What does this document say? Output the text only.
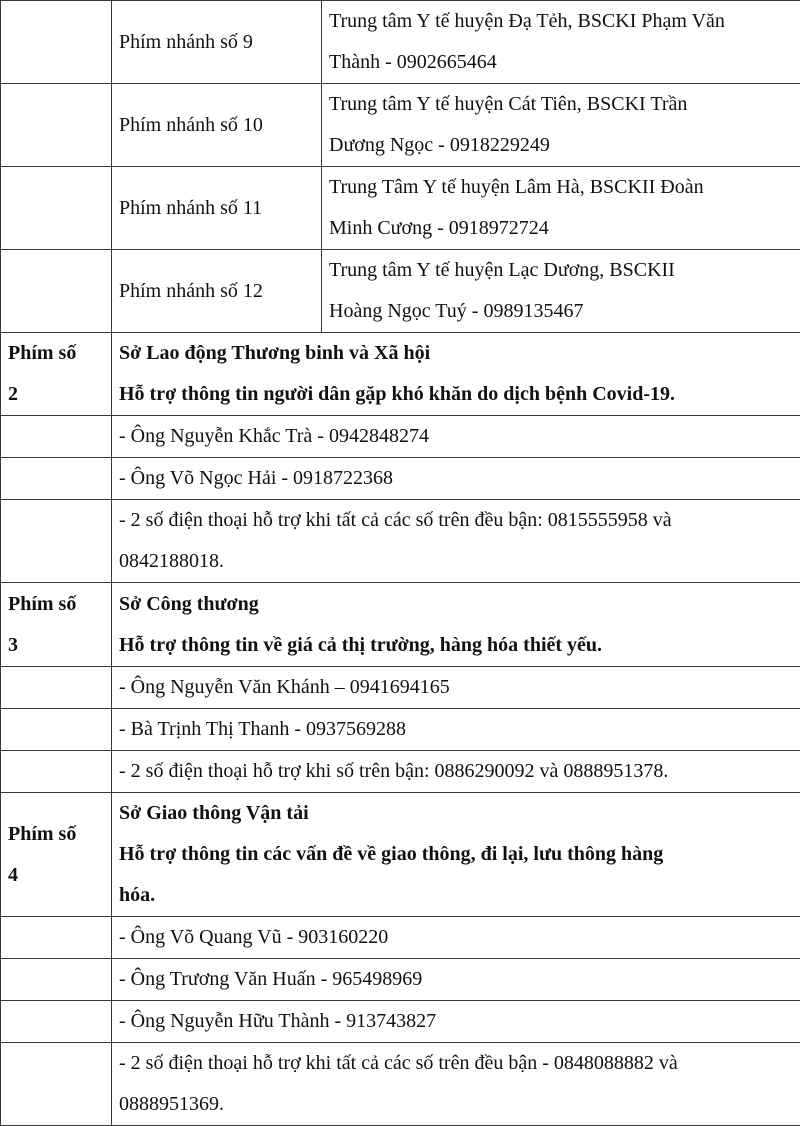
	Phím nhánh số 9	Trung tâm Y tế huyện Đạ Tẻh, BSCKI Phạm Văn
Thành - 0902665464

	Phím nhánh số 10	Trung tâm Y tế huyện Cát Tiên, BSCKI Trần
Dương Ngọc - 0918229249

	Phím nhánh số 11	Trung Tâm Y tế huyện Lâm Hà, BSCKII Đoàn
Minh Cương - 0918972724

	Phím nhánh số 12	Trung tâm Y tế huyện Lạc Dương, BSCKII
Hoàng Ngọc Tuý - 0989135467

Phím số
2	Sở Lao động Thương binh và Xã hội
Hỗ trợ thông tin người dân gặp khó khăn do dịch bệnh Covid-19.	

	- Ông Nguyễn Khắc Trà - 0942848274	
	- Ông Võ Ngọc Hải - 0918722368	

	- 2 số điện thoại hỗ trợ khi tất cả các số trên đều bận: 0815555958 và
0842188018.	

Phím số
3	Sở Công thương
Hỗ trợ thông tin về giá cả thị trường, hàng hóa thiết yếu.	

	- Ông Nguyễn Văn Khánh – 0941694165	
	- Bà Trịnh Thị Thanh - 0937569288	
	- 2 số điện thoại hỗ trợ khi số trên bận: 0886290092 và 0888951378.	

Phím số
4	Sở Giao thông Vận tải
Hỗ trợ thông tin các vấn đề về giao thông, đi lại, lưu thông hàng
hóa.	

	- Ông Võ Quang Vũ - 903160220	
	- Ông Trương Văn Huấn - 965498969	
	- Ông Nguyễn Hữu Thành - 913743827	

	- 2 số điện thoại hỗ trợ khi tất cả các số trên đều bận - 0848088882 và
0888951369.	
